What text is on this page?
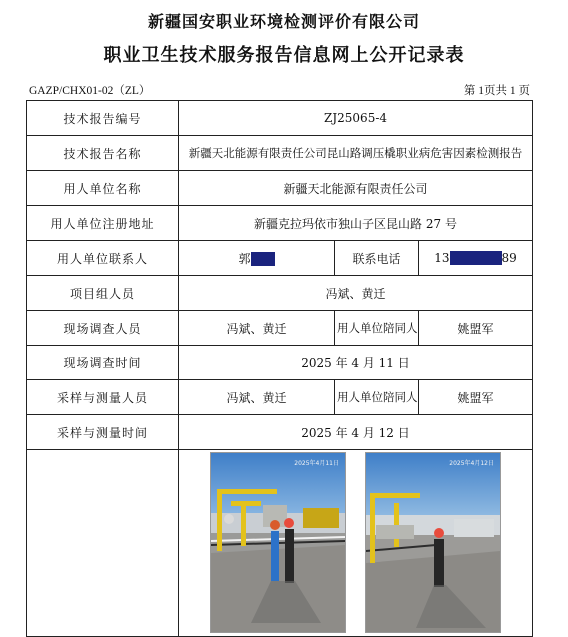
新疆国安职业环境检测评价有限公司
职业卫生技术服务报告信息网上公开记录表
GAZP/CHX01-02（ZL）	第 1页共 1 页
技术报告编号	ZJ25065-4		
技术报告名称	新疆天北能源有限责任公司昆山路调压橇职业病危害因素检测报告		
用人单位名称	新疆天北能源有限责任公司		
用人单位注册地址	新疆克拉玛依市独山子区昆山路 27 号		
用人单位联系人	郭	联系电话	13 89
项目组人员	冯斌、黄迁		
现场调查人员	冯斌、黄迁	用人单位陪同人	姚盟军
现场调查时间	2025 年 4 月 11 日		
采样与测量人员	冯斌、黄迁	用人单位陪同人	姚盟军
采样与测量时间	2025 年 4 月 12 日		

	2025年4月11日 2025年4月12日		
